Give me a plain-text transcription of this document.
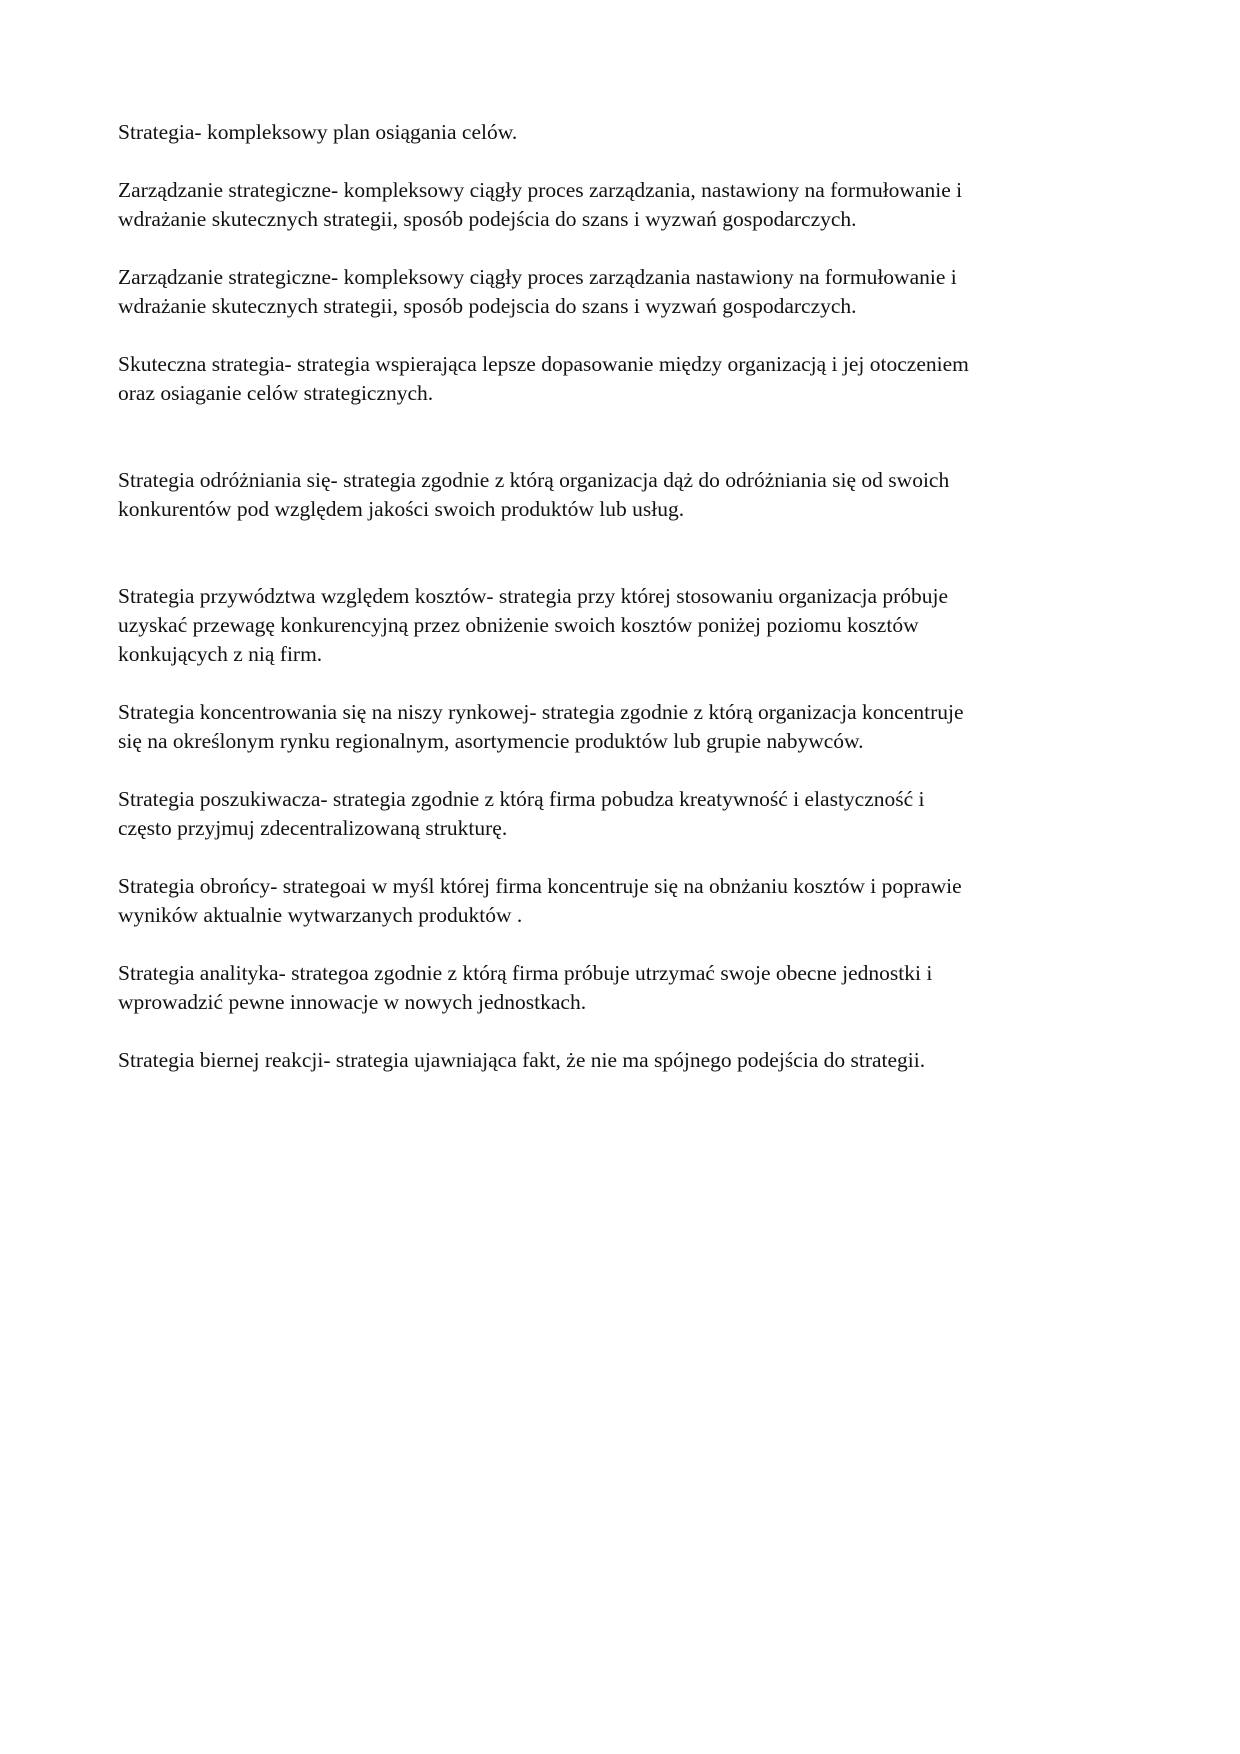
Strategia- kompleksowy plan osiągania celów.

Zarządzanie strategiczne- kompleksowy ciągły proces zarządzania, nastawiony na formułowanie i
wdrażanie skutecznych strategii, sposób podejścia do szans i wyzwań gospodarczych.

Zarządzanie strategiczne- kompleksowy ciągły proces zarządzania nastawiony na formułowanie i
wdrażanie skutecznych strategii, sposób podejscia do szans i wyzwań gospodarczych.

Skuteczna strategia- strategia wspierająca lepsze dopasowanie między organizacją i jej otoczeniem
oraz osiaganie celów strategicznych.

Strategia odróżniania się- strategia zgodnie z którą organizacja dąż do odróżniania się od swoich
konkurentów pod względem jakości swoich produktów lub usług.

Strategia przywództwa względem kosztów- strategia przy której stosowaniu organizacja próbuje
uzyskać przewagę konkurencyjną przez obniżenie swoich kosztów poniżej poziomu kosztów
konkujących z nią firm.

Strategia koncentrowania się na niszy rynkowej- strategia zgodnie z którą organizacja koncentruje
się na określonym rynku regionalnym, asortymencie produktów lub grupie nabywców.

Strategia poszukiwacza- strategia zgodnie z którą firma pobudza kreatywność i elastyczność i
często przyjmuj zdecentralizowaną strukturę.

Strategia obrońcy- strategoai w myśl której firma koncentruje się na obnżaniu kosztów i poprawie
wyników aktualnie wytwarzanych produktów .

Strategia analityka- strategoa zgodnie z którą firma próbuje utrzymać swoje obecne jednostki i
wprowadzić pewne innowacje w nowych jednostkach.

Strategia biernej reakcji- strategia ujawniająca fakt, że nie ma spójnego podejścia do strategii.
